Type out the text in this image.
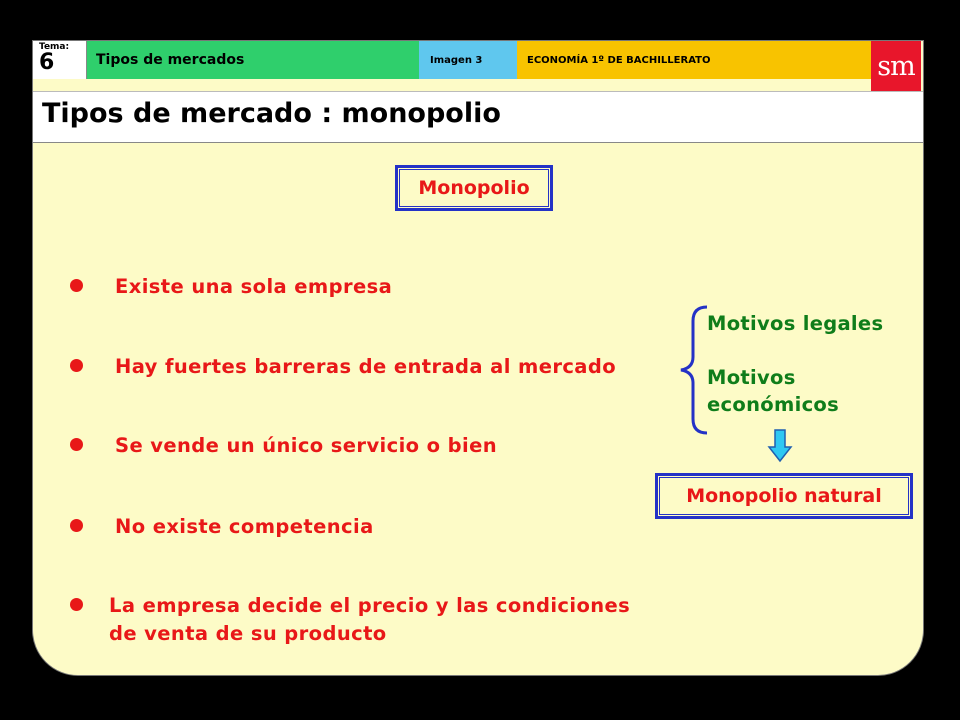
Tema:
6	Tipos de mercados	Imagen 3	ECONOMÍA 1º DE BACHILLERATO	sm
Tipos de mercado : monopolio
Monopolio
Existe una sola empresa
Hay fuertes barreras de entrada al mercado
Se vende un único servicio o bien
No existe competencia
La empresa decide el precio y las condiciones
de venta de su producto
Motivos legales
Motivos
económicos
Monopolio natural
